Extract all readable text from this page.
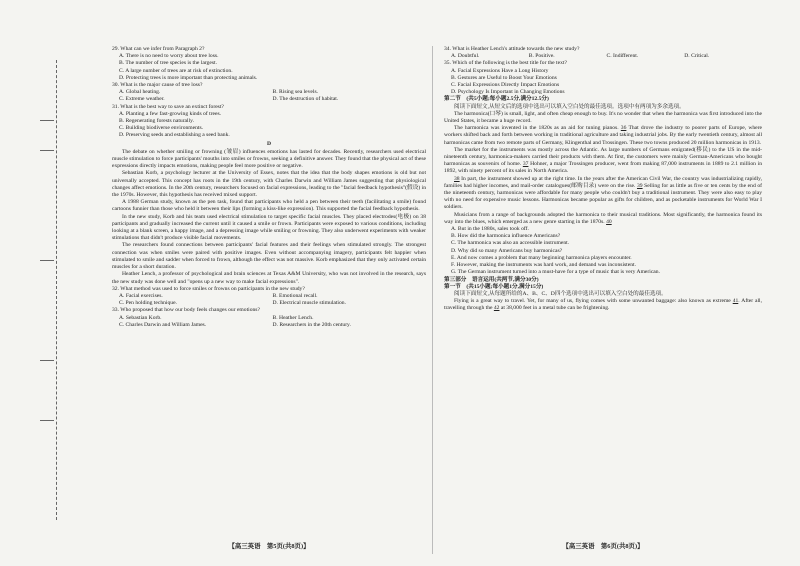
29. What can we infer from Paragraph 2?

A. There is no need to worry about tree loss.

B. The number of tree species is the largest.

C. A large number of trees are at risk of extinction.

D. Protecting trees is more important than protecting animals.

30. What is the major cause of tree loss?

A. Global heating.	B. Rising sea levels.
C. Extreme weather.	D. The destruction of habitat.

31. What is the best way to save an extinct forest?

A. Planting a few fast-growing kinds of trees.

B. Regenerating forests naturally.

C. Building biodiverse environments.

D. Preserving seeds and establishing a seed bank.

D

The debate on whether smiling or frowning (皱眉) influences emotions has lasted for decades. Recently, researchers used electrical muscle stimulation to force participants' mouths into smiles or frowns, seeking a definitive answer. They found that the physical act of these expressions directly impacts emotions, making people feel more positive or negative.

Sebastian Korb, a psychology lecturer at the University of Essex, notes that the idea that the body shapes emotions is old but not universally accepted. This concept has roots in the 19th century, with Charles Darwin and William James suggesting that physiological changes affect emotions. In the 20th century, researchers focused on facial expressions, leading to the "facial feedback hypothesis"(假设) in the 1970s. However, this hypothesis has received mixed support.

A 1988 German study, known as the pen task, found that participants who held a pen between their teeth (facilitating a smile) found cartoons funnier than those who held it between their lips (forming a kiss-like expression). This supported the facial feedback hypothesis.

In the new study, Korb and his team used electrical stimulation to target specific facial muscles. They placed electrodes(电极) on 38 participants and gradually increased the current until it caused a smile or frown. Participants were exposed to various conditions, including looking at a blank screen, a happy image, and a depressing image while smiling or frowning. They also underwent experiments with weaker stimulations that didn't produce visible facial movements.

The researchers found connections between participants' facial features and their feelings when stimulated strongly. The strongest connection was when smiles were paired with positive images. Even without accompanying imagery, participants felt happier when stimulated to smile and sadder when forced to frown, although the effect was not massive. Korb emphasized that they only activated certain muscles for a short duration.

Heather Lench, a professor of psychological and brain sciences at Texas A&M University, who was not involved in the research, says the new study was done well and "opens up a new way to make facial expressions".

32. What method was used to force smiles or frowns on participants in the new study?

A. Facial exercises.	B. Emotional recall.
C. Pen holding technique.	D. Electrical muscle stimulation.

33. Who proposed that how our body feels changes our emotions?

A. Sebastian Korb.	B. Heather Lench.
C. Charles Darwin and William James.	D. Researchers in the 20th century.

34. What is Heather Lench's attitude towards the new study?

A. Doubtful.	B. Positive.	C. Indifferent.	D. Critical.

35. Which of the following is the best title for the text?

A. Facial Expressions Have a Long History

B. Gestures are Useful to Boost Your Emotions

C. Facial Expressions Directly Impact Emotions

D. Psychology Is Important in Changing Emotions

第二节　(共5小题;每小题2.5分,满分12.5分)

阅读下面短文,从短文后的选项中选出可以填入空白处的最佳选项。选项中有两项为多余选项。

The harmonica(口琴) is small, light, and often cheap enough to buy. It's no wonder that when the harmonica was first introduced into the United States, it became a huge record.

The harmonica was invented in the 1820s as an aid for tuning pianos. 36 That drove the industry to poorer parts of Europe, where workers shifted back and forth between working in traditional agriculture and taking industrial jobs. By the early twentieth century, almost all harmonicas came from two remote parts of Germany, Klingenthal and Trossingen. These two towns produced 20 million harmonicas in 1913.

The market for the instruments was mostly across the Atlantic. As large numbers of Germans emigrated(移民) to the US in the mid-nineteenth century, harmonica-makers carried their products with them. At first, the customers were mainly German-Americans who bought harmonicas as souvenirs of home. 37 Hohner, a major Trossingen producer, went from making 87,000 instruments in 1889 to 2.1 million in 1892, with ninety percent of its sales in North America.

38 In part, the instrument showed up at the right time. In the years after the American Civil War, the country was industrializing rapidly, families had higher incomes, and mail-order catalogues(邮购目录) were on the rise. 39 Selling for as little as five or ten cents by the end of the nineteenth century, harmonicas were affordable for many people who couldn't buy a traditional instrument. They were also easy to play with no need for expensive music lessons. Harmonicas became popular as gifts for children, and as pocketable instruments for World War I soldiers.

Musicians from a range of backgrounds adopted the harmonica to their musical traditions. Most significantly, the harmonica found its way into the blues, which emerged as a new genre starting in the 1870s. 40

A. But in the 1880s, sales took off.

B. How did the harmonica influence Americans?

C. The harmonica was also an accessible instrument.

D. Why did so many Americans buy harmonicas?

E. And now comes a problem that many beginning harmonica players encounter.

F. However, making the instruments was hard work, and demand was inconsistent.

G. The German instrument turned into a must-have for a type of music that is very American.

第三部分　语言运用(共两节,满分30分)

第一节　(共15小题;每小题1分,满分15分)

阅读下面短文,从每题所给的A、B、C、D四个选项中选出可以填入空白处的最佳选项。

Flying is a great way to travel. Yet, for many of us, flying comes with some unwanted baggage: also known as extreme 41. After all, travelling through the 42 at 38,000 feet in a metal tube can be frightening.

【高三英语　第5页(共8页)】	【高三英语　第6页(共8页)】
